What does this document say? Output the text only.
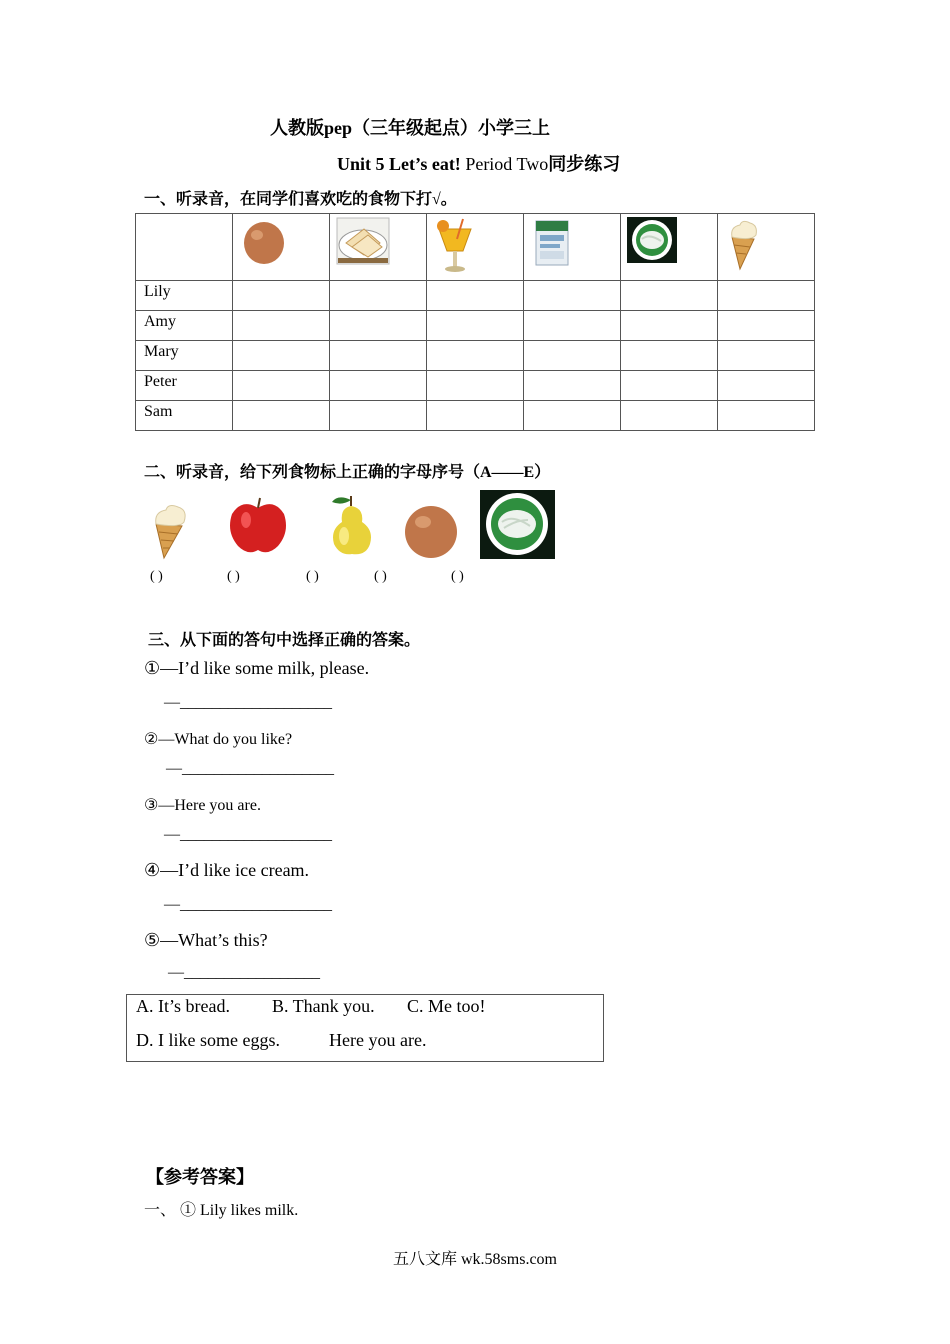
人教版pep（三年级起点）小学三上
Unit 5 Let’s eat! Period Two同步练习
一、听录音，在同学们喜欢吃的食物下打√。

Lily						
Amy						
Mary						
Peter						
Sam						
二、听录音，给下列食物标上正确的字母序号（A——E）
( )	( )	( )	( )	( )
三、从下面的答句中选择正确的答案。
①—I’d like some milk, please.
—___________________
②—What do you like?
—___________________
③—Here you are.
—___________________
④—I’d like ice cream.
—___________________
⑤—What’s this?
—_________________
A. It’s bread. B. Thank you. C. Me too!
D. I like some eggs.	Here you are.
【参考答案】
一、 ① Lily likes milk.
五八文库 wk.58sms.com
